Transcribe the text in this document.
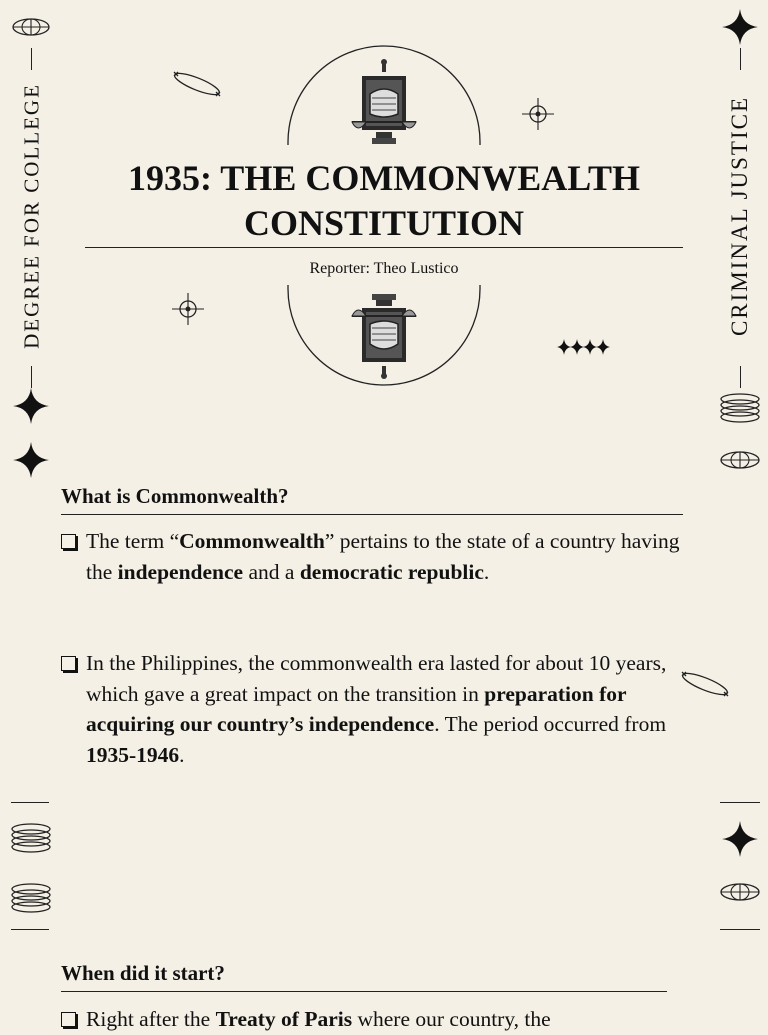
DEGREE FOR COLLEGE	CRIMINAL JUSTICE
1935: THE COMMONWEALTH
CONSTITUTION
Reporter: Theo Lustico
What is Commonwealth?
The term “Commonwealth” pertains to the state of a country having the independence and a democratic republic.
In the Philippines, the commonwealth era lasted for about 10 years, which gave a great impact on the transition in preparation for acquiring our country’s independence. The period occurred from 1935-1946.
When did it start?
Right after the Treaty of Paris where our country, the
